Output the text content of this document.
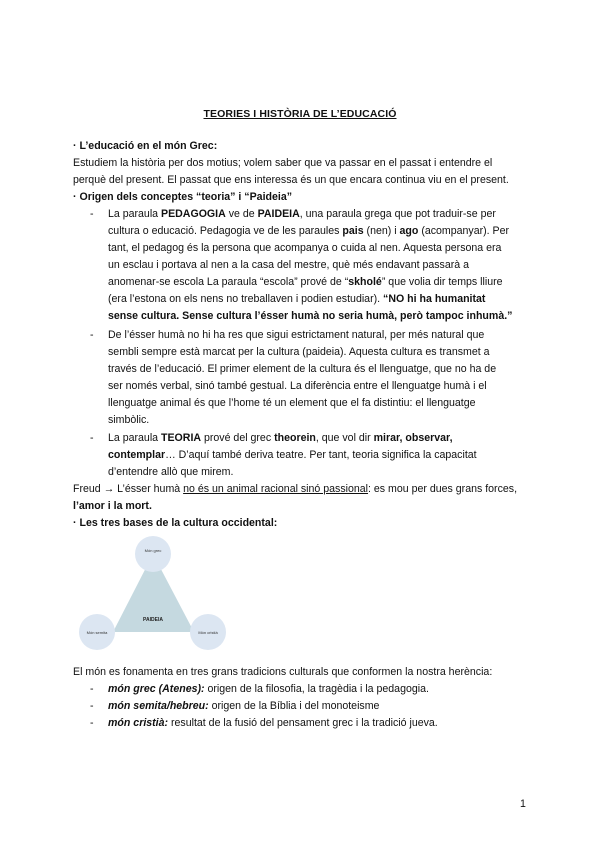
TEORIES I HISTÒRIA DE L’EDUCACIÓ
· L’educació en el món Grec:
Estudiem la història per dos motius; volem saber que va passar en el passat i entendre el
perquè del present. El passat que ens interessa és un que encara continua viu en el present.
· Origen dels conceptes “teoria” i “Paideia”
- La paraula PEDAGOGIA ve de PAIDEIA, una paraula grega que pot traduir-se per
cultura o educació. Pedagogia ve de les paraules pais (nen) i ago (acompanyar). Per
tant, el pedagog és la persona que acompanya o cuida al nen. Aquesta persona era
un esclau i portava al nen a la casa del mestre, què més endavant passarà a
anomenar-se escola La paraula “escola” prové de “skholé” que volia dir temps lliure
(era l’estona on els nens no treballaven i podien estudiar). “NO hi ha humanitat
sense cultura. Sense cultura l’ésser humà no seria humà, però tampoc inhumà.”
- De l’ésser humà no hi ha res que sigui estrictament natural, per més natural que
sembli sempre està marcat per la cultura (paideia). Aquesta cultura es transmet a
través de l’educació. El primer element de la cultura és el llenguatge, que no ha de
ser només verbal, sinó també gestual. La diferència entre el llenguatge humà i el
llenguatge animal és que l’home té un element que el fa distintiu: el llenguatge
simbòlic.
- La paraula TEORIA prové del grec theorein, que vol dir mirar, observar,
contemplar… D’aquí també deriva teatre. Per tant, teoria significa la capacitat
d’entendre allò que mirem.
Freud → L’ésser humà no és un animal racional sinó passional: es mou per dues grans forces,
l’amor i la mort.
· Les tres bases de la cultura occidental:
PAIDEIA
Món grec
Món semita	Món cristià
El món es fonamenta en tres grans tradicions culturals que conformen la nostra herència:
- món grec (Atenes): origen de la filosofia, la tragèdia i la pedagogia.
- món semita/hebreu: origen de la Bíblia i del monoteisme
- món cristià: resultat de la fusió del pensament grec i la tradició jueva.
1
